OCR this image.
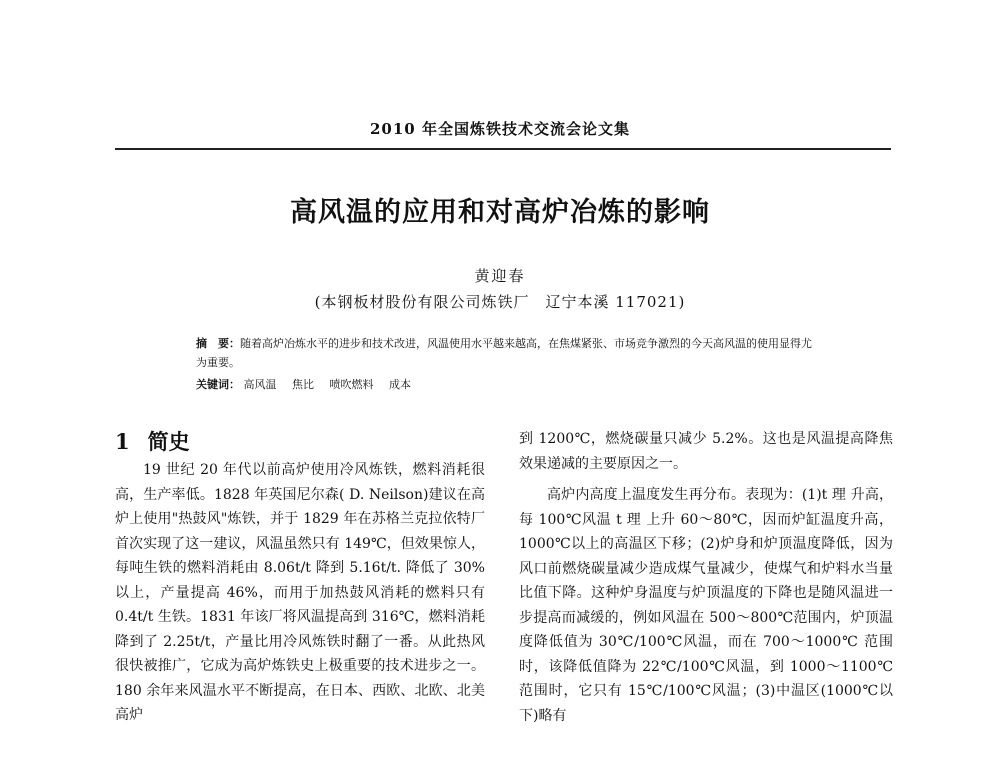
2010 年全国炼铁技术交流会论文集
高风温的应用和对高炉冶炼的影响
黄迎春
(本钢板材股份有限公司炼铁厂　辽宁本溪 117021)
摘　要：随着高炉冶炼水平的进步和技术改进，风温使用水平越来越高，在焦煤紧张、市场竞争激烈的今天高风温的使用显得尤为重要。
关键词： 高风温 焦比 喷吹燃料 成本
1 简史

19 世纪 20 年代以前高炉使用冷风炼铁，燃料消耗很高，生产率低。1828 年英国尼尔森( D. Neilson)建议在高炉上使用"热鼓风"炼铁，并于 1829 年在苏格兰克拉依特厂首次实现了这一建议，风温虽然只有 149℃，但效果惊人，每吨生铁的燃料消耗由 8.06t/t 降到 5.16t/t. 降低了 30%以上，产量提高 46%，而用于加热鼓风消耗的燃料只有 0.4t/t 生铁。1831 年该厂将风温提高到 316℃，燃料消耗降到了 2.25t/t，产量比用冷风炼铁时翻了一番。从此热风很快被推广，它成为高炉炼铁史上极重要的技术进步之一。180 余年来风温水平不断提高，在日本、西欧、北欧、北美高炉

到 1200℃，燃烧碳量只减少 5.2%。这也是风温提高降焦效果递减的主要原因之一。

高炉内高度上温度发生再分布。表现为：(1)t 理 升高，每 100℃风温 t 理 上升 60～80℃，因而炉缸温度升高，1000℃以上的高温区下移；(2)炉身和炉顶温度降低，因为风口前燃烧碳量减少造成煤气量减少，使煤气和炉料水当量比值下降。这种炉身温度与炉顶温度的下降也是随风温进一步提高而减缓的，例如风温在 500～800℃范围内，炉顶温度降低值为 30℃/100℃风温，而在 700～1000℃ 范围时，该降低值降为 22℃/100℃风温，到 1000～1100℃ 范围时，它只有 15℃/100℃风温；(3)中温区(1000℃以下)略有
